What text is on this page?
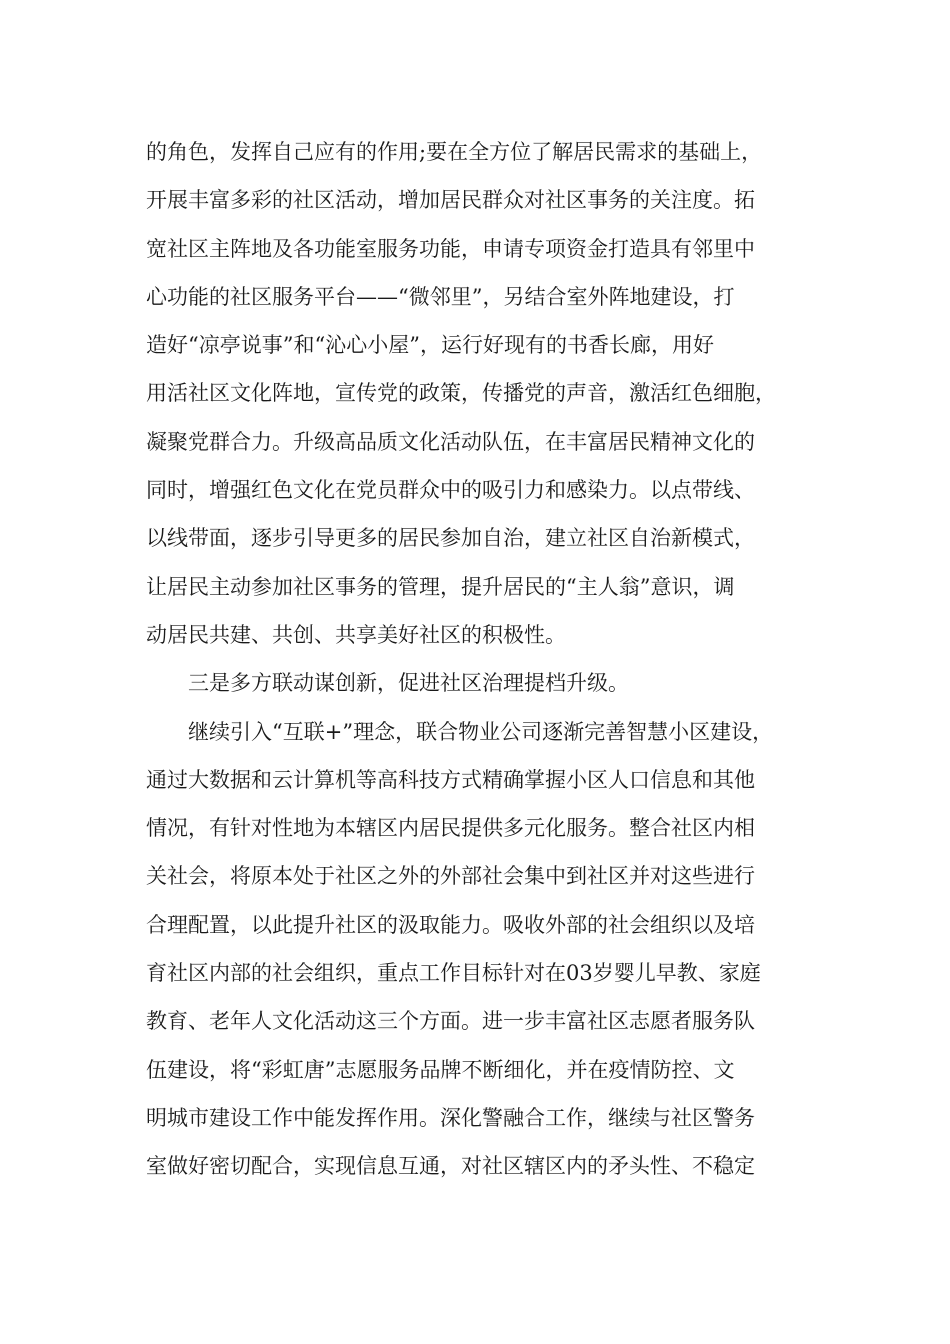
的角色，发挥自己应有的作用;要在全方位了解居民需求的基础上，
开展丰富多彩的社区活动，增加居民群众对社区事务的关注度。拓
宽社区主阵地及各功能室服务功能，申请专项资金打造具有邻里中
心功能的社区服务平台——“微邻里”，另结合室外阵地建设，打
造好“凉亭说事”和“沁心小屋”，运行好现有的书香长廊，用好
用活社区文化阵地，宣传党的政策，传播党的声音，激活红色细胞，
凝聚党群合力。升级高品质文化活动队伍，在丰富居民精神文化的
同时，增强红色文化在党员群众中的吸引力和感染力。以点带线、
以线带面，逐步引导更多的居民参加自治，建立社区自治新模式，
让居民主动参加社区事务的管理，提升居民的“主人翁”意识，调
动居民共建、共创、共享美好社区的积极性。
三是多方联动谋创新，促进社区治理提档升级。
继续引入“互联+”理念，联合物业公司逐渐完善智慧小区建设，
通过大数据和云计算机等高科技方式精确掌握小区人口信息和其他
情况，有针对性地为本辖区内居民提供多元化服务。整合社区内相
关社会，将原本处于社区之外的外部社会集中到社区并对这些进行
合理配置，以此提升社区的汲取能力。吸收外部的社会组织以及培
育社区内部的社会组织，重点工作目标针对在03岁婴儿早教、家庭
教育、老年人文化活动这三个方面。进一步丰富社区志愿者服务队
伍建设，将“彩虹唐”志愿服务品牌不断细化，并在疫情防控、文
明城市建设工作中能发挥作用。深化警融合工作，继续与社区警务
室做好密切配合，实现信息互通，对社区辖区内的矛头性、不稳定
